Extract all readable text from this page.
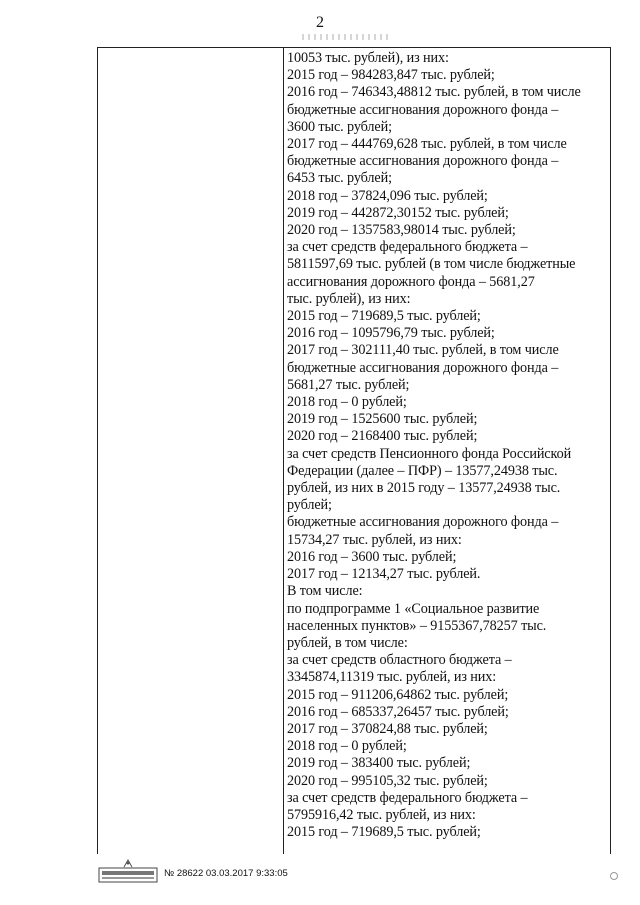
2
10053 тыс. рублей), из них:
2015 год – 984283,847 тыс. рублей;
2016 год – 746343,48812 тыс. рублей, в том числе
бюджетные ассигнования дорожного фонда –
3600 тыс. рублей;
2017 год – 444769,628 тыс. рублей, в том числе
бюджетные ассигнования дорожного фонда –
6453 тыс. рублей;
2018 год – 37824,096 тыс. рублей;
2019 год – 442872,30152 тыс. рублей;
2020 год – 1357583,98014 тыс. рублей;
за счет средств федерального бюджета –
5811597,69 тыс. рублей (в том числе бюджетные
ассигнования дорожного фонда – 5681,27
тыс. рублей), из них:
2015 год – 719689,5 тыс. рублей;
2016 год – 1095796,79 тыс. рублей;
2017 год – 302111,40 тыс. рублей, в том числе
бюджетные ассигнования дорожного фонда –
5681,27 тыс. рублей;
2018 год – 0 рублей;
2019 год – 1525600 тыс. рублей;
2020 год – 2168400 тыс. рублей;
за счет средств Пенсионного фонда Российской
Федерации (далее – ПФР) – 13577,24938 тыс.
рублей, из них в 2015 году – 13577,24938 тыс.
рублей;
бюджетные ассигнования дорожного фонда –
15734,27 тыс. рублей, из них:
2016 год – 3600 тыс. рублей;
2017 год – 12134,27 тыс. рублей.
В том числе:
по подпрограмме 1 «Социальное развитие
населенных пунктов» – 9155367,78257 тыс.
рублей, в том числе:
за счет средств областного бюджета –
3345874,11319 тыс. рублей, из них:
2015 год – 911206,64862 тыс. рублей;
2016 год – 685337,26457 тыс. рублей;
2017 год – 370824,88 тыс. рублей;
2018 год – 0 рублей;
2019 год – 383400 тыс. рублей;
2020 год – 995105,32 тыс. рублей;
за счет средств федерального бюджета –
5795916,42 тыс. рублей, из них:
2015 год – 719689,5 тыс. рублей;
№ 28622 03.03.2017 9:33:05
